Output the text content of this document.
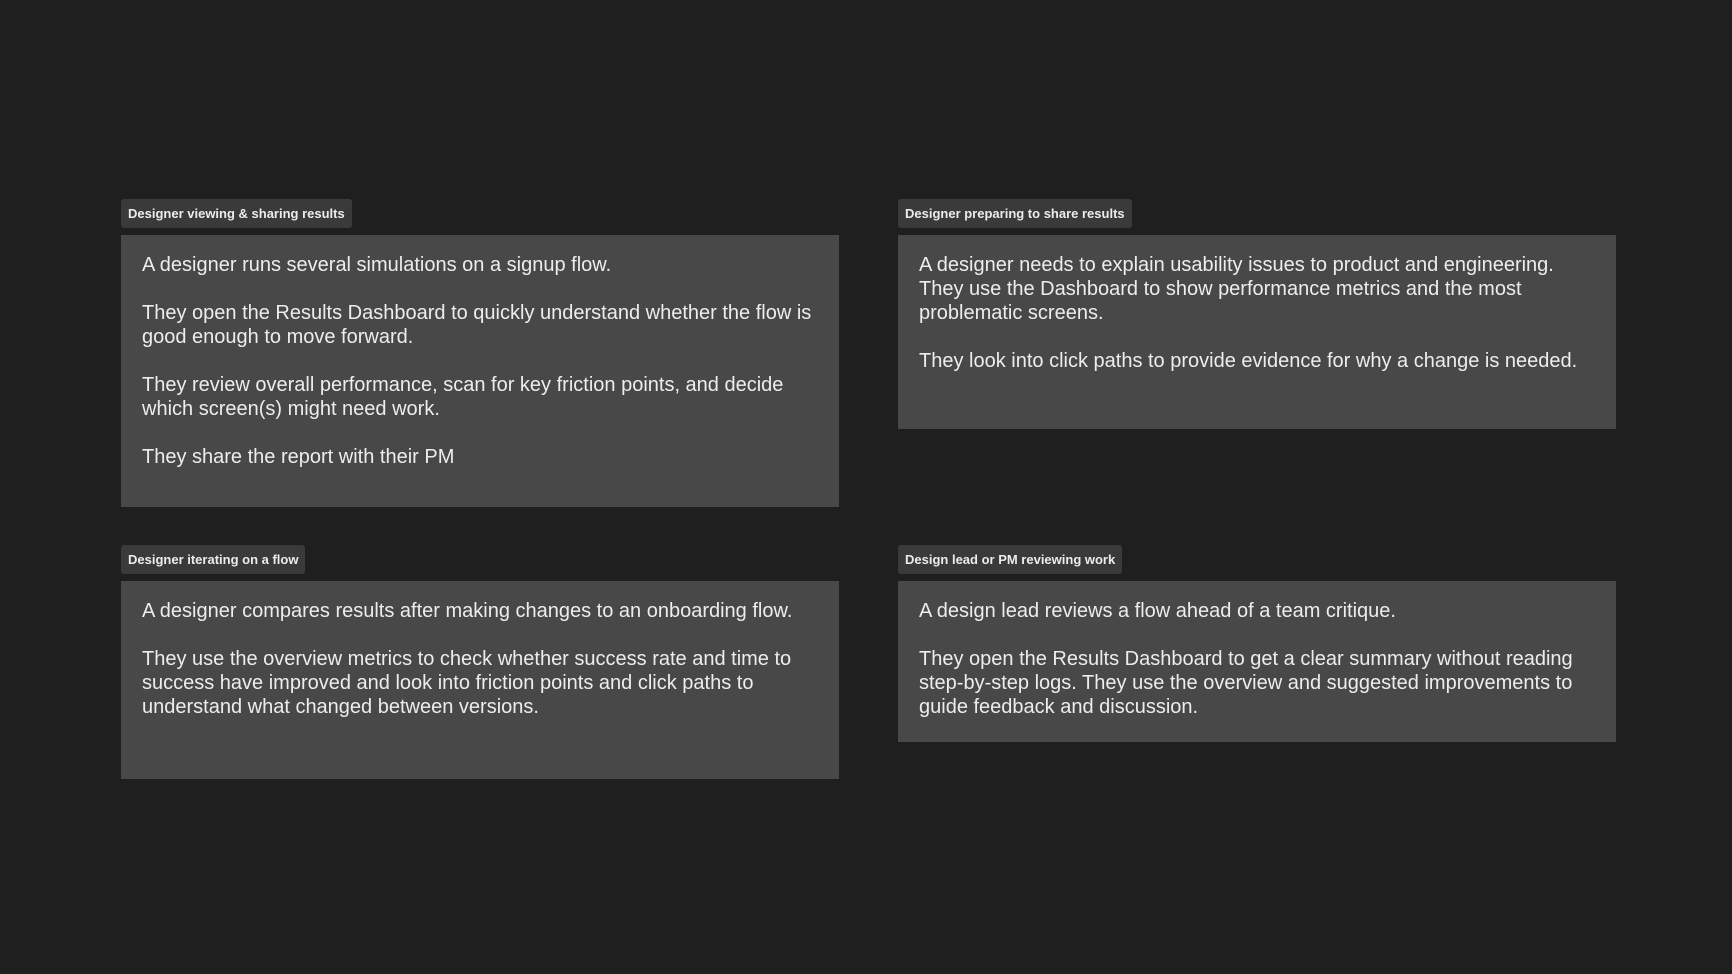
Designer viewing & sharing results

A designer runs several simulations on a signup flow.

They open the Results Dashboard to quickly understand whether the flow is good enough to move forward.

They review overall performance, scan for key friction points, and decide which screen(s) might need work.

They share the report with their PM

Designer preparing to share results

A designer needs to explain usability issues to product and engineering. They use the Dashboard to show performance metrics and the most problematic screens.

They look into click paths to provide evidence for why a change is needed.

Designer iterating on a flow

A designer compares results after making changes to an onboarding flow.

They use the overview metrics to check whether success rate and time to success have improved and look into friction points and click paths to understand what changed between versions.

Design lead or PM reviewing work

A design lead reviews a flow ahead of a team critique.

They open the Results Dashboard to get a clear summary without reading step-by-step logs. They use the overview and suggested improvements to guide feedback and discussion.
